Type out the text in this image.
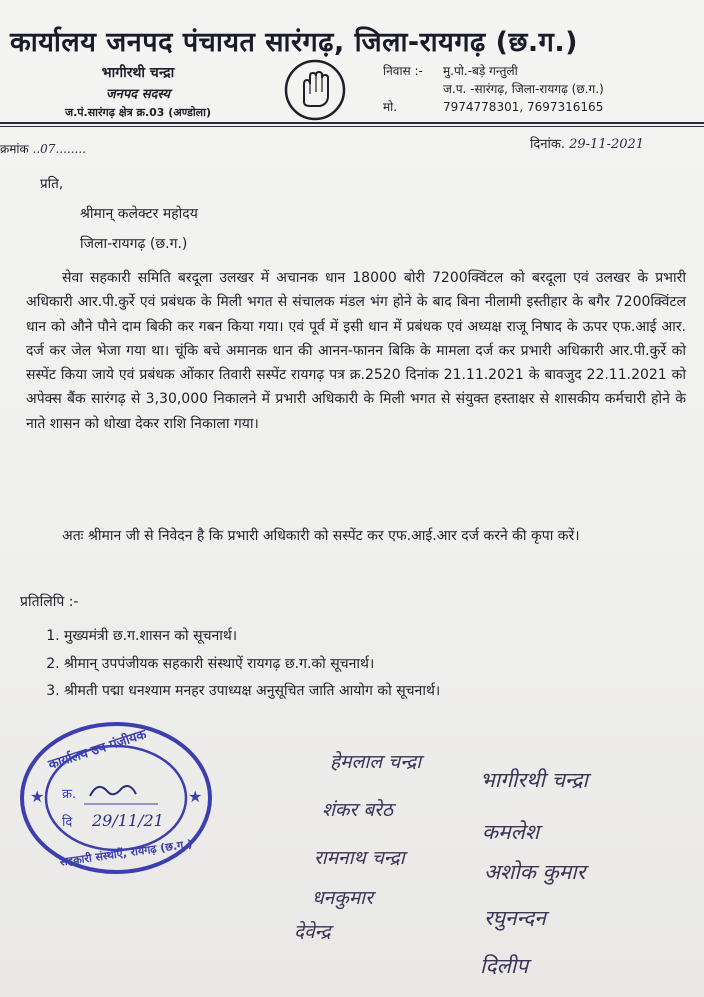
कार्यालय जनपद पंचायत सारंगढ़, जिला-रायगढ़ (छ.ग.)
भागीरथी चन्द्रा
जनपद सदस्य
ज.पं.सारंगढ़ क्षेत्र क्र.03 (अण्डोला)
निवास :- मु.पो.-बड़े गन्तुली
ज.प. -सारंगढ़, जिला-रायगढ़ (छ.ग.)
मो.	7974778301, 7697316165
क्रमांक ..07........	दिनांक. 29-11-2021
प्रति,
श्रीमान् कलेक्टर महोदय
जिला-रायगढ़ (छ.ग.)
सेवा सहकारी समिति बरदूला उलखर में अचानक धान 18000 बोरी 7200क्विंटल को बरदूला एवं उलखर के प्रभारी अधिकारी आर.पी.कुर्रे एवं प्रबंधक के मिली भगत से संचालक मंडल भंग होने के बाद बिना नीलामी इस्तीहार के बगैर 7200क्विंटल धान को औने पौने दाम बिकी कर गबन किया गया। एवं पूर्व में इसी धान में प्रबंधक एवं अध्यक्ष राजू निषाद के ऊपर एफ.आई आर. दर्ज कर जेल भेजा गया था। चूंकि बचे अमानक धान की आनन-फानन बिकि के मामला दर्ज कर प्रभारी अधिकारी आर.पी.कुर्रे को सस्पेंट किया जाये एवं प्रबंधक ओंकार तिवारी सस्पेंट रायगढ़ पत्र क्र.2520 दिनांक 21.11.2021 के बावजुद 22.11.2021 को अपेक्स बैंक सारंगढ़ से 3,30,000 निकालने में प्रभारी अधिकारी के मिली भगत से संयुक्त हस्ताक्षर से शासकीय कर्मचारी होने के नाते शासन को धोखा देकर राशि निकाला गया।
अतः श्रीमान जी से निवेदन है कि प्रभारी अधिकारी को सस्पेंट कर एफ.आई.आर दर्ज करने की कृपा करें।
प्रतिलिपि :-
1. मुख्यमंत्री छ.ग.शासन को सूचनार्थ।
2. श्रीमान् उपपंजीयक सहकारी संस्थाऐं रायगढ़ छ.ग.को सूचनार्थ।
3. श्रीमती पद्मा धनश्याम मनहर उपाध्यक्ष अनुसूचित जाति आयोग को सूचनार्थ।
कार्यालय उप पंजीयक
सहकारी संस्थाऐं, रायगढ़ (छ.ग.)
क्र.
दि 29/11/21
★	★
हेमलाल चन्द्रा
भागीरथी चन्द्रा
शंकर बरेठ
कमलेश
रामनाथ चन्द्रा
अशोक कुमार
धनकुमार
रघुनन्दन
देवेन्द्र
दिलीप
